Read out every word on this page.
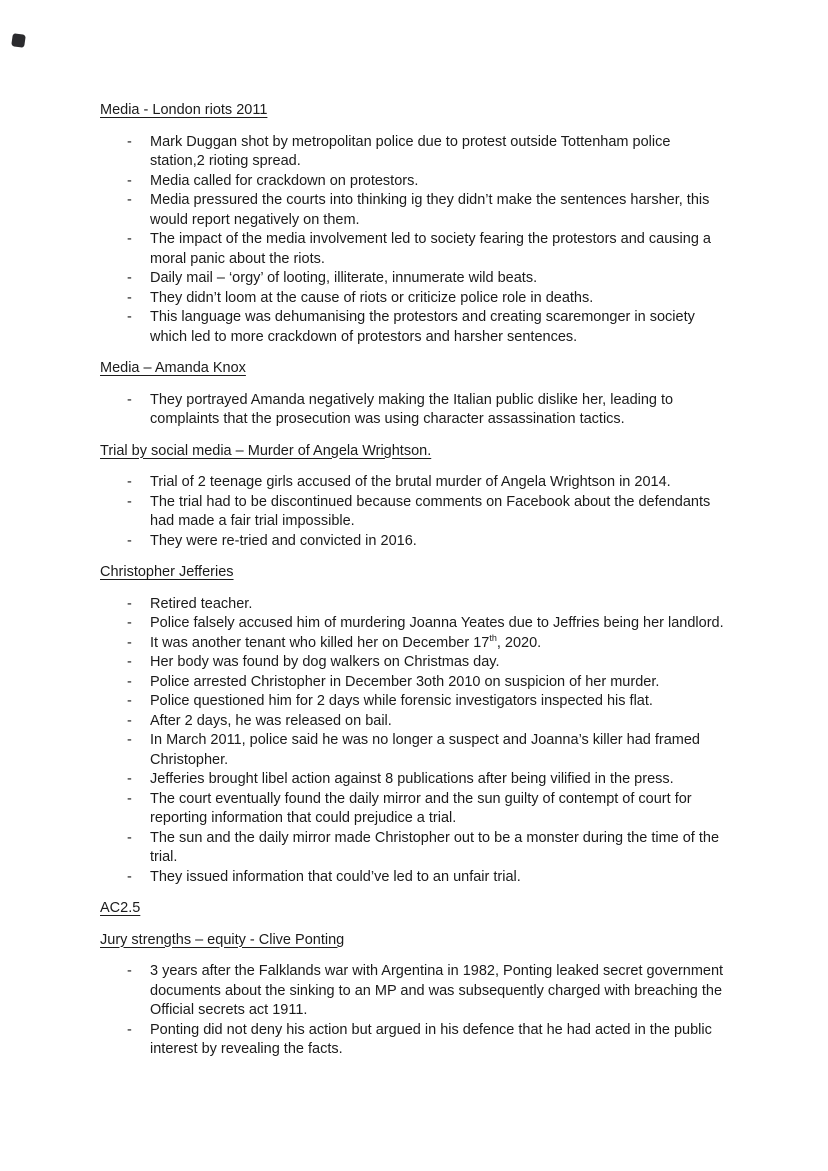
Media - London riots 2011
- Mark Duggan shot by metropolitan police due to protest outside Tottenham police station,2 rioting spread.
- Media called for crackdown on protestors.
- Media pressured the courts into thinking ig they didn’t make the sentences harsher, this would report negatively on them.
- The impact of the media involvement led to society fearing the protestors and causing a moral panic about the riots.
- Daily mail – ‘orgy’ of looting, illiterate, innumerate wild beats.
- They didn’t loom at the cause of riots or criticize police role in deaths.
- This language was dehumanising the protestors and creating scaremonger in society which led to more crackdown of protestors and harsher sentences.
Media – Amanda Knox
- They portrayed Amanda negatively making the Italian public dislike her, leading to complaints that the prosecution was using character assassination tactics.
Trial by social media – Murder of Angela Wrightson.
- Trial of 2 teenage girls accused of the brutal murder of Angela Wrightson in 2014.
- The trial had to be discontinued because comments on Facebook about the defendants had made a fair trial impossible.
- They were re-tried and convicted in 2016.
Christopher Jefferies
- Retired teacher.
- Police falsely accused him of murdering Joanna Yeates due to Jeffries being her landlord.
- It was another tenant who killed her on December 17th, 2020.
- Her body was found by dog walkers on Christmas day.
- Police arrested Christopher in December 3oth 2010 on suspicion of her murder.
- Police questioned him for 2 days while forensic investigators inspected his flat.
- After 2 days, he was released on bail.
- In March 2011, police said he was no longer a suspect and Joanna’s killer had framed Christopher.
- Jefferies brought libel action against 8 publications after being vilified in the press.
- The court eventually found the daily mirror and the sun guilty of contempt of court for reporting information that could prejudice a trial.
- The sun and the daily mirror made Christopher out to be a monster during the time of the trial.
- They issued information that could’ve led to an unfair trial.
AC2.5
Jury strengths – equity - Clive Ponting
- 3 years after the Falklands war with Argentina in 1982, Ponting leaked secret government documents about the sinking to an MP and was subsequently charged with breaching the Official secrets act 1911.
- Ponting did not deny his action but argued in his defence that he had acted in the public interest by revealing the facts.
